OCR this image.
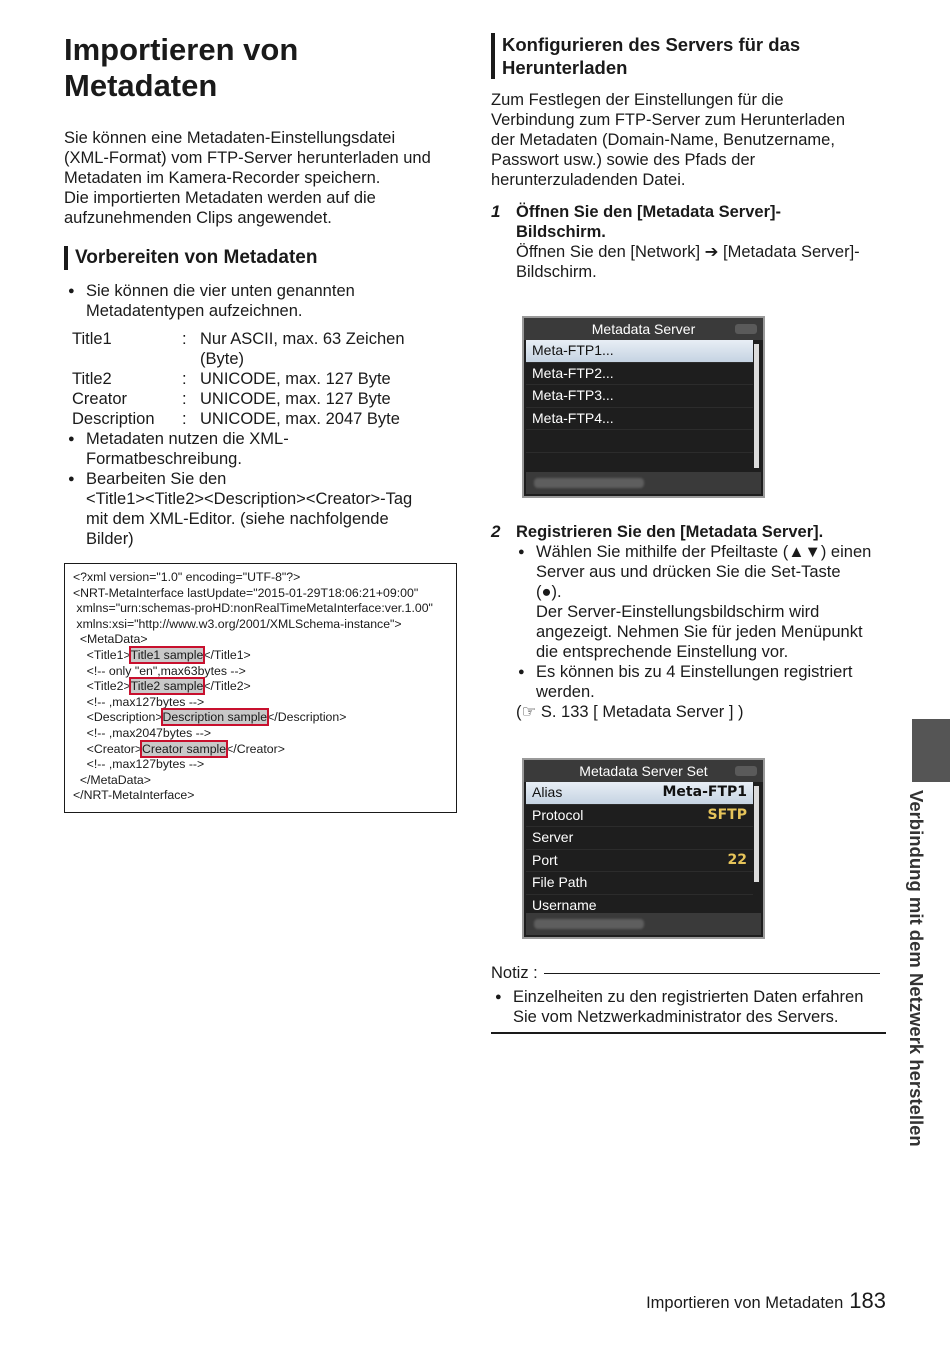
Importieren von
Metadaten
Sie können eine Metadaten-Einstellungsdatei
(XML-Format) vom FTP-Server herunterladen und
Metadaten im Kamera-Recorder speichern.
Die importierten Metadaten werden auf die
aufzunehmenden Clips angewendet.
Vorbereiten von Metadaten
● Sie können die vier unten genannten
Metadatentypen aufzeichnen.
Title1	:	Nur ASCII, max. 63 Zeichen (Byte)
Title2	:	UNICODE, max. 127 Byte
Creator	:	UNICODE, max. 127 Byte
Description	:	UNICODE, max. 2047 Byte
● Metadaten nutzen die XML-
Formatbeschreibung.
● Bearbeiten Sie den
<Title1><Title2><Description><Creator>-Tag
mit dem XML-Editor. (siehe nachfolgende
Bilder)
<?xml version="1.0" encoding="UTF-8"?>
<NRT-MetaInterface lastUpdate="2015-01-29T18:06:21+09:00"
xmlns="urn:schemas-proHD:nonRealTimeMetaInterface:ver.1.00"
xmlns:xsi="http://www.w3.org/2001/XMLSchema-instance">
<MetaData>
<Title1>Title1 sample</Title1>
<!-- only "en",max63bytes -->
<Title2>Title2 sample</Title2>
<!-- ,max127bytes -->
<Description>Description sample</Description>
<!-- ,max2047bytes -->
<Creator>Creator sample</Creator>
<!-- ,max127bytes -->
</MetaData>
</NRT-MetaInterface>
Konfigurieren des Servers für das
Herunterladen
Zum Festlegen der Einstellungen für die
Verbindung zum FTP-Server zum Herunterladen
der Metadaten (Domain-Name, Benutzername,
Passwort usw.) sowie des Pfads der
herunterzuladenden Datei.
1 Öffnen Sie den [Metadata Server]-
Bildschirm.
Öffnen Sie den [Network] ➔ [Metadata Server]-
Bildschirm.
Metadata Server
Meta-FTP1...
Meta-FTP2...
Meta-FTP3...
Meta-FTP4...
2 Registrieren Sie den [Metadata Server].
● Wählen Sie mithilfe der Pfeiltaste (▲▼) einen
Server aus und drücken Sie die Set-Taste
(●).
Der Server-Einstellungsbildschirm wird
angezeigt. Nehmen Sie für jeden Menüpunkt
die entsprechende Einstellung vor.
● Es können bis zu 4 Einstellungen registriert
werden.
(☞ S. 133 [ Metadata Server ] )
Metadata Server Set
Alias	Meta-FTP1
Protocol	SFTP
Server
Port	22
File Path
Username
Notiz :
● Einzelheiten zu den registrierten Daten erfahren
Sie vom Netzwerkadministrator des Servers.	Verbindung mit dem Netzwerk herstellen
Importieren von Metadaten 183
